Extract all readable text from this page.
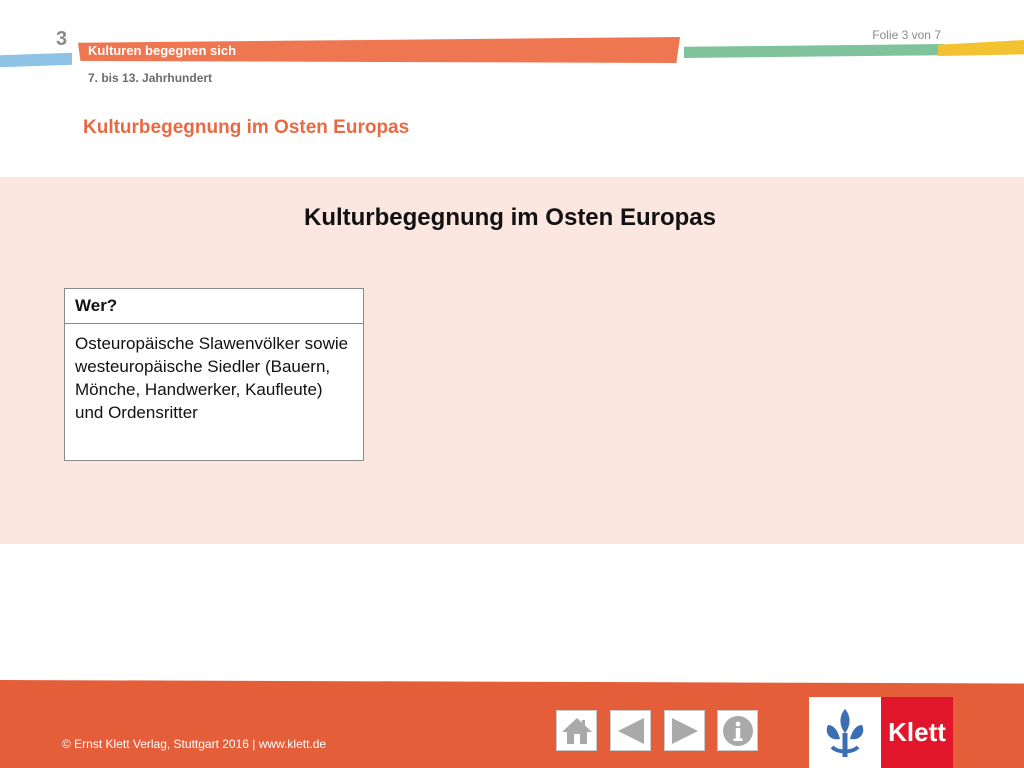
3
Kulturen begegnen sich
Folie 3 von 7
7. bis 13. Jahrhundert
Kulturbegegnung im Osten Europas
Kulturbegegnung im Osten Europas
Wer?
Osteuropäische Slawenvölker sowie westeuropäische Siedler (Bauern, Mönche, Handwerker, Kaufleute) und Ordensritter
© Ernst Klett Verlag, Stuttgart 2016 | www.klett.de	Klett
